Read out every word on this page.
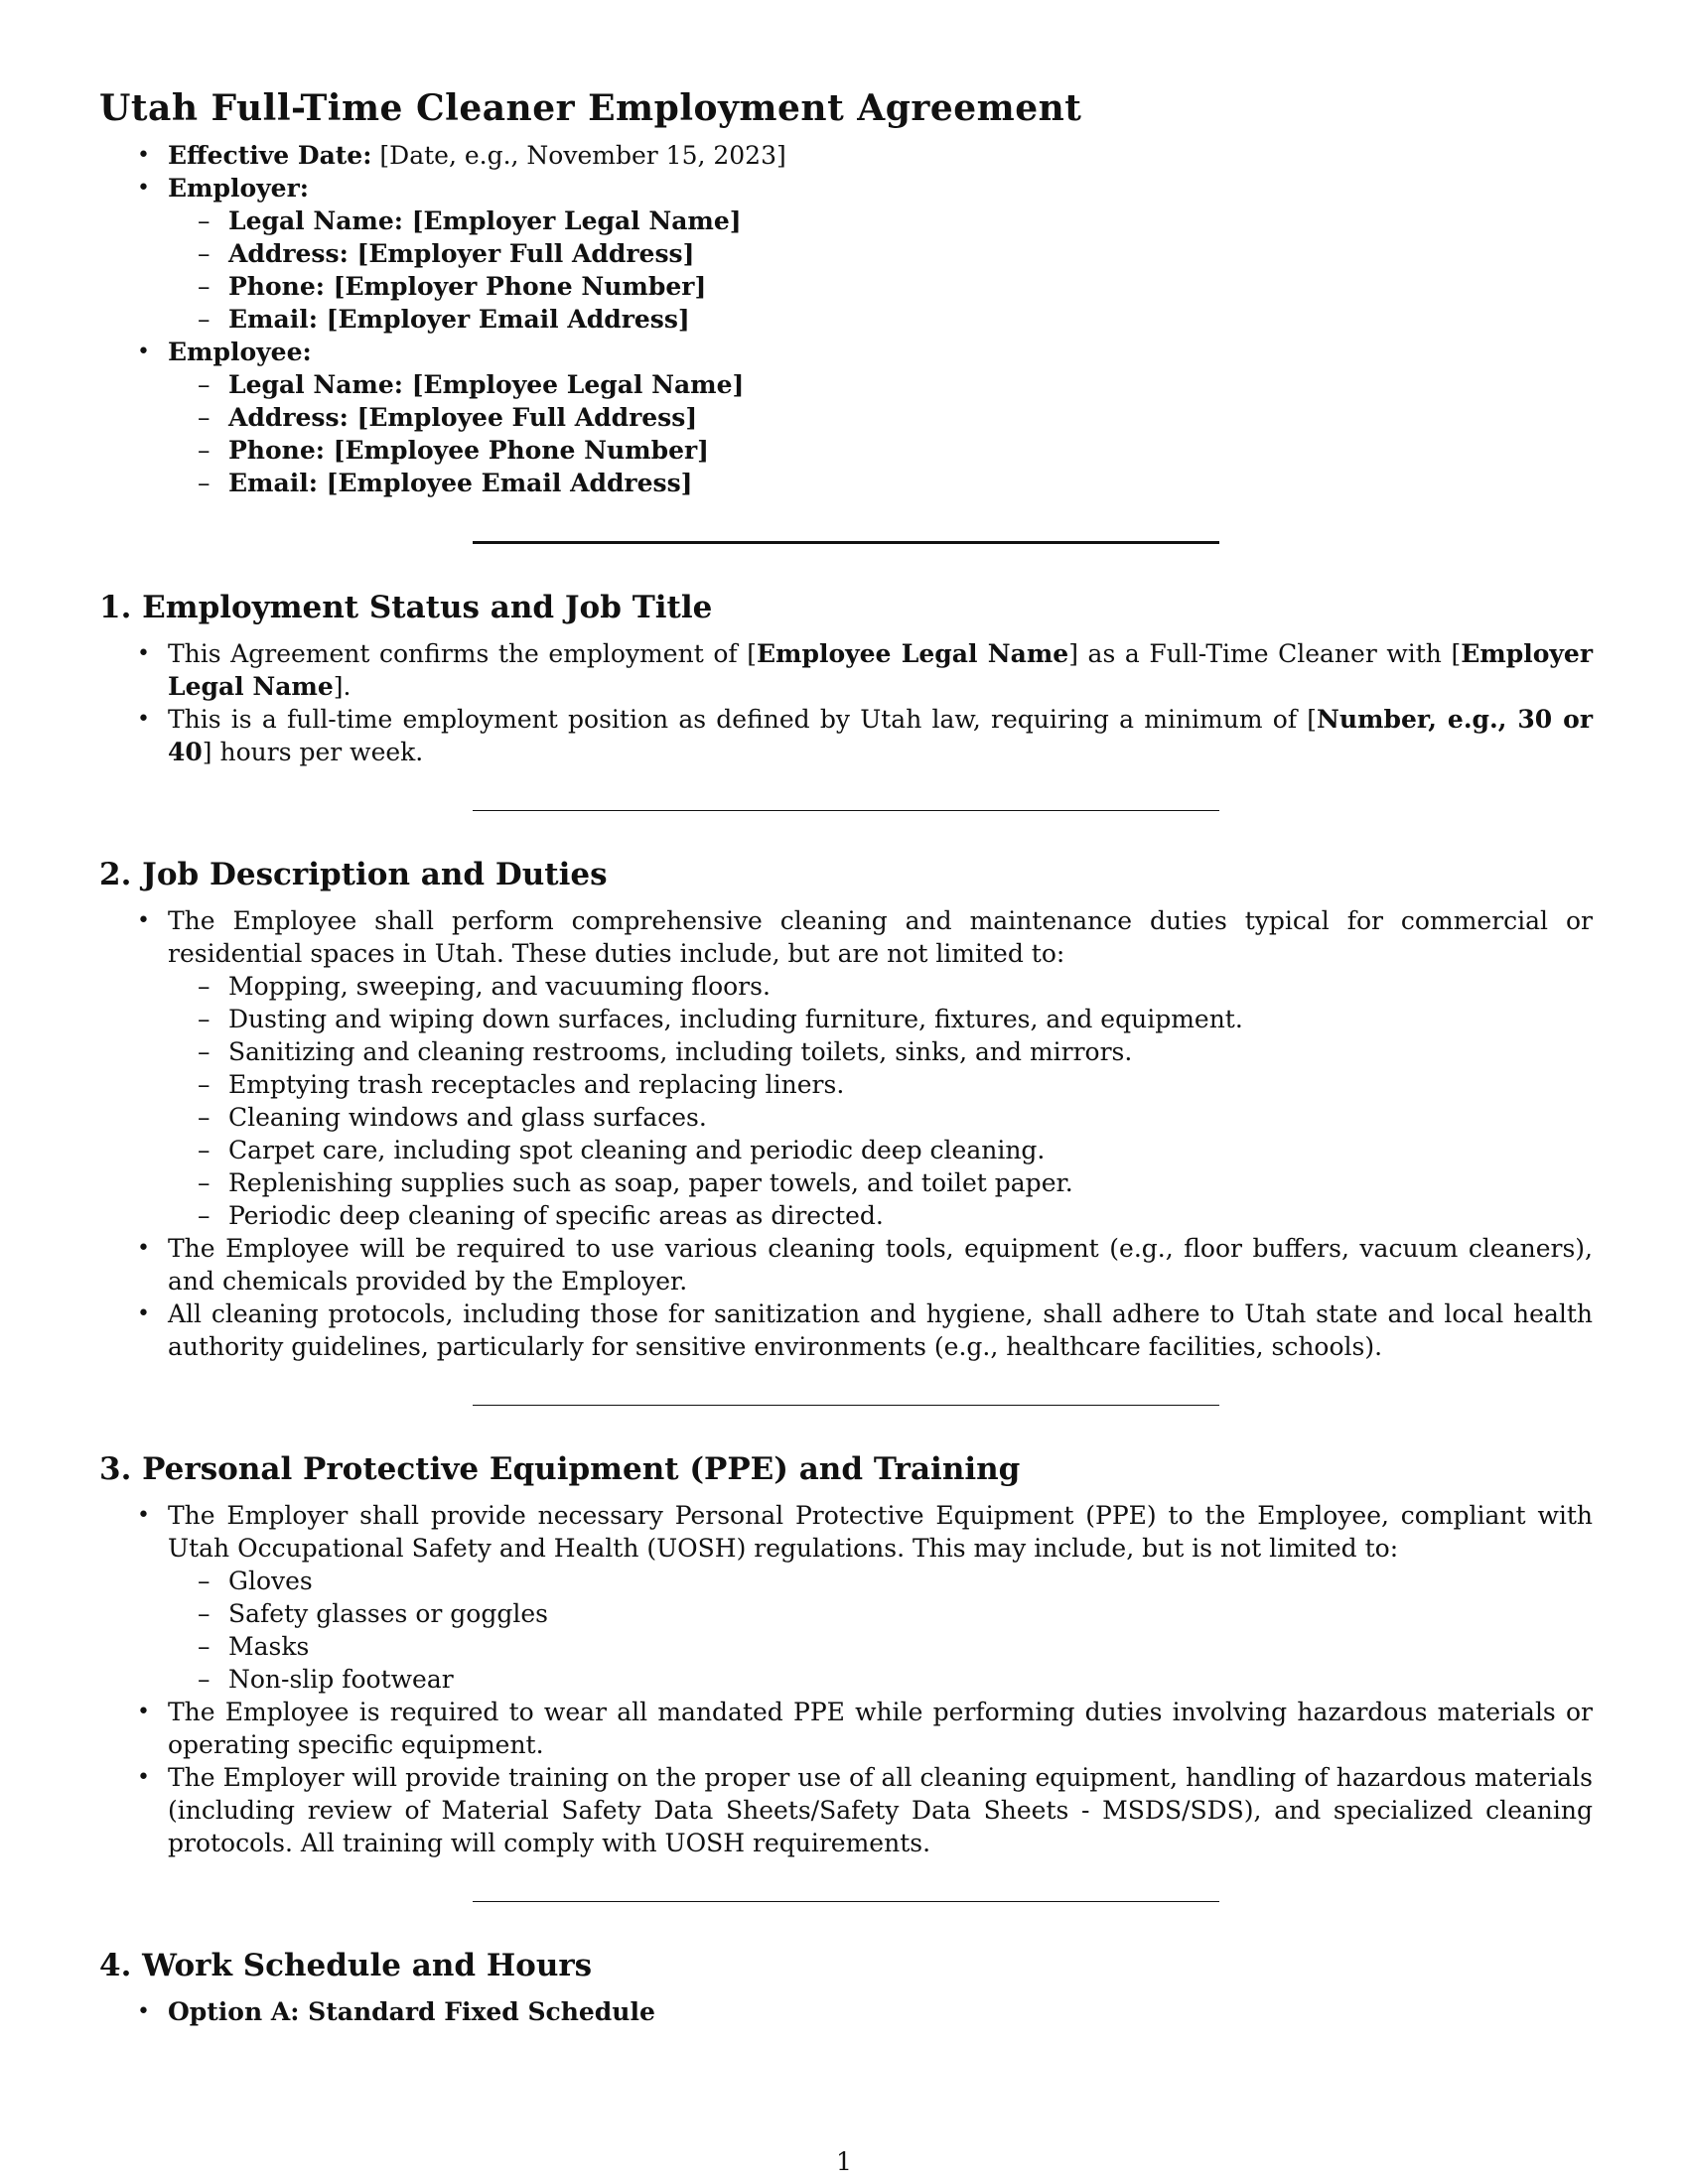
Utah Full-Time Cleaner Employment Agreement
• Effective Date: [Date, e.g., November 15, 2023]
• Employer:
– Legal Name: [Employer Legal Name]
– Address: [Employer Full Address]
– Phone: [Employer Phone Number]
– Email: [Employer Email Address]
• Employee:
– Legal Name: [Employee Legal Name]
– Address: [Employee Full Address]
– Phone: [Employee Phone Number]
– Email: [Employee Email Address]
1. Employment Status and Job Title
• This Agreement confirms the employment of [Employee Legal Name] as a Full-Time Cleaner with [Employer Legal Name].
• This is a full-time employment position as defined by Utah law, requiring a minimum of [Number, e.g., 30 or 40] hours per week.
2. Job Description and Duties
• The Employee shall perform comprehensive cleaning and maintenance duties typical for commercial or residential spaces in Utah. These duties include, but are not limited to:
– Mopping, sweeping, and vacuuming floors.
– Dusting and wiping down surfaces, including furniture, fixtures, and equipment.
– Sanitizing and cleaning restrooms, including toilets, sinks, and mirrors.
– Emptying trash receptacles and replacing liners.
– Cleaning windows and glass surfaces.
– Carpet care, including spot cleaning and periodic deep cleaning.
– Replenishing supplies such as soap, paper towels, and toilet paper.
– Periodic deep cleaning of specific areas as directed.
• The Employee will be required to use various cleaning tools, equipment (e.g., floor buffers, vacuum cleaners), and chemicals provided by the Employer.
• All cleaning protocols, including those for sanitization and hygiene, shall adhere to Utah state and local health authority guidelines, particularly for sensitive environments (e.g., healthcare facilities, schools).
3. Personal Protective Equipment (PPE) and Training
• The Employer shall provide necessary Personal Protective Equipment (PPE) to the Employee, compliant with Utah Occupational Safety and Health (UOSH) regulations. This may include, but is not limited to:
– Gloves
– Safety glasses or goggles
– Masks
– Non-slip footwear
• The Employee is required to wear all mandated PPE while performing duties involving hazardous materials or operating specific equipment.
• The Employer will provide training on the proper use of all cleaning equipment, handling of hazardous materials (including review of Material Safety Data Sheets/Safety Data Sheets - MSDS/SDS), and specialized cleaning protocols. All training will comply with UOSH requirements.
4. Work Schedule and Hours
• Option A: Standard Fixed Schedule
1
